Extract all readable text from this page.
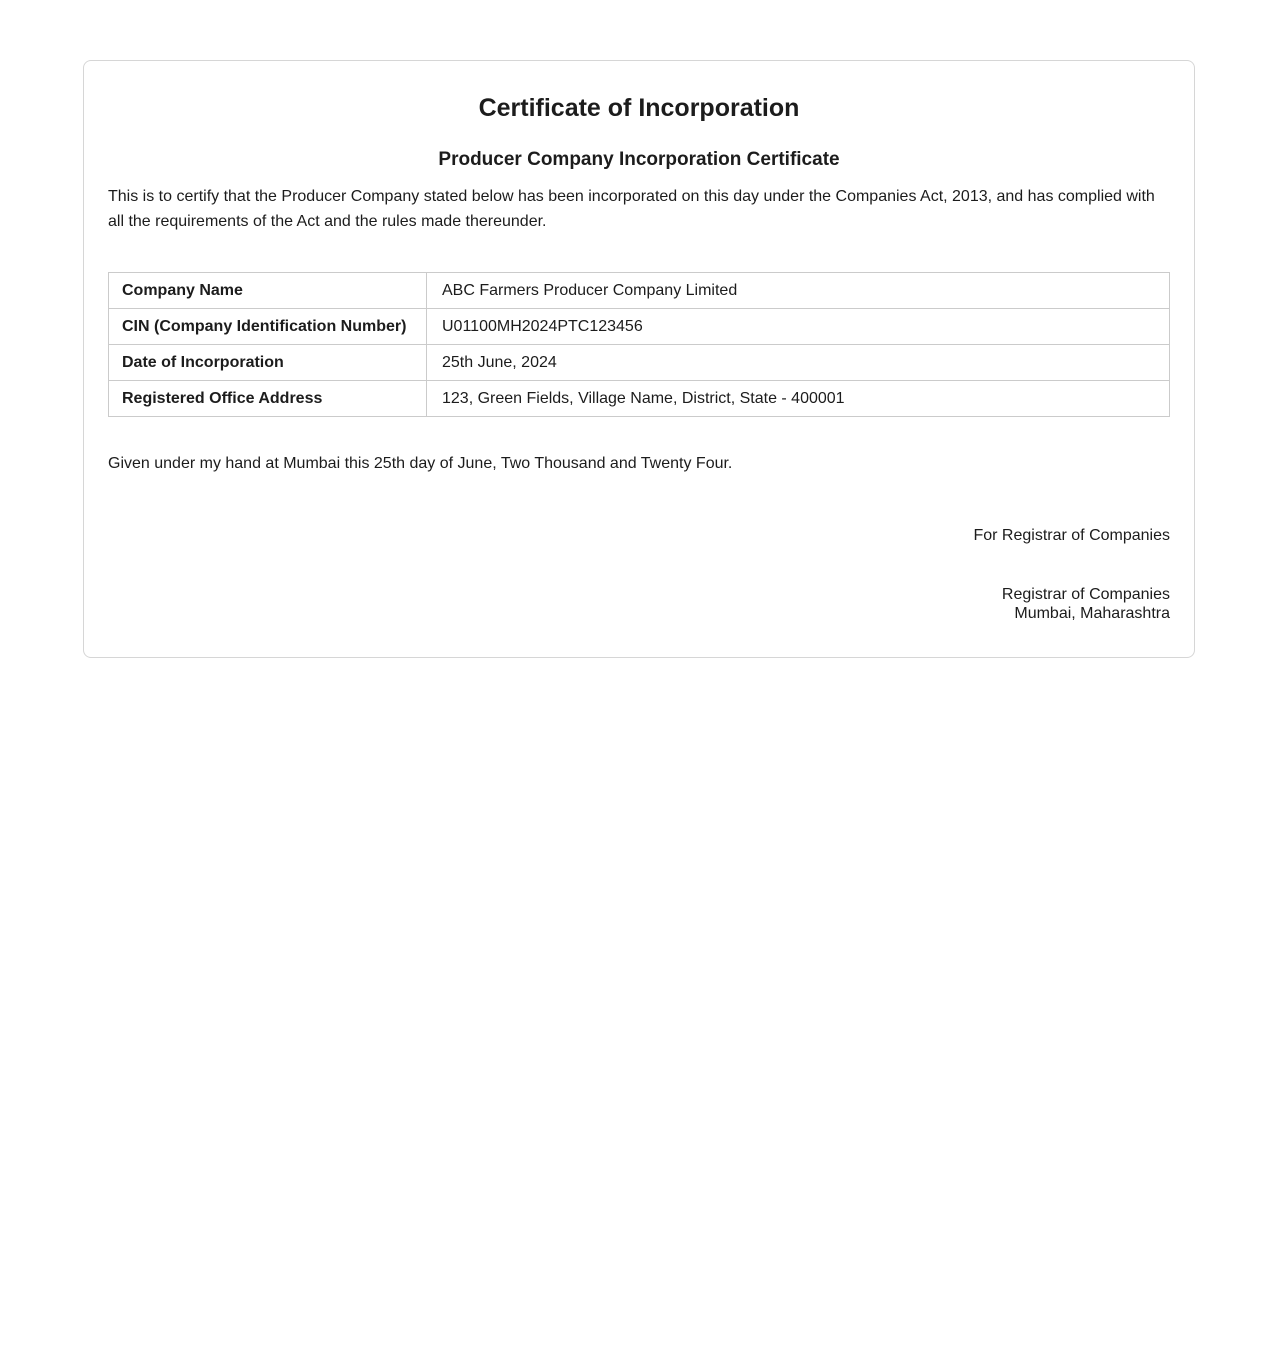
Certificate of Incorporation
Producer Company Incorporation Certificate

This is to certify that the Producer Company stated below has been incorporated on this day under the Companies Act, 2013, and has complied with all the requirements of the Act and the rules made thereunder.

Company Name	ABC Farmers Producer Company Limited
CIN (Company Identification Number)	U01100MH2024PTC123456
Date of Incorporation	25th June, 2024
Registered Office Address	123, Green Fields, Village Name, District, State - 400001

Given under my hand at Mumbai this 25th day of June, Two Thousand and Twenty Four.

For Registrar of Companies

Registrar of Companies
Mumbai, Maharashtra
